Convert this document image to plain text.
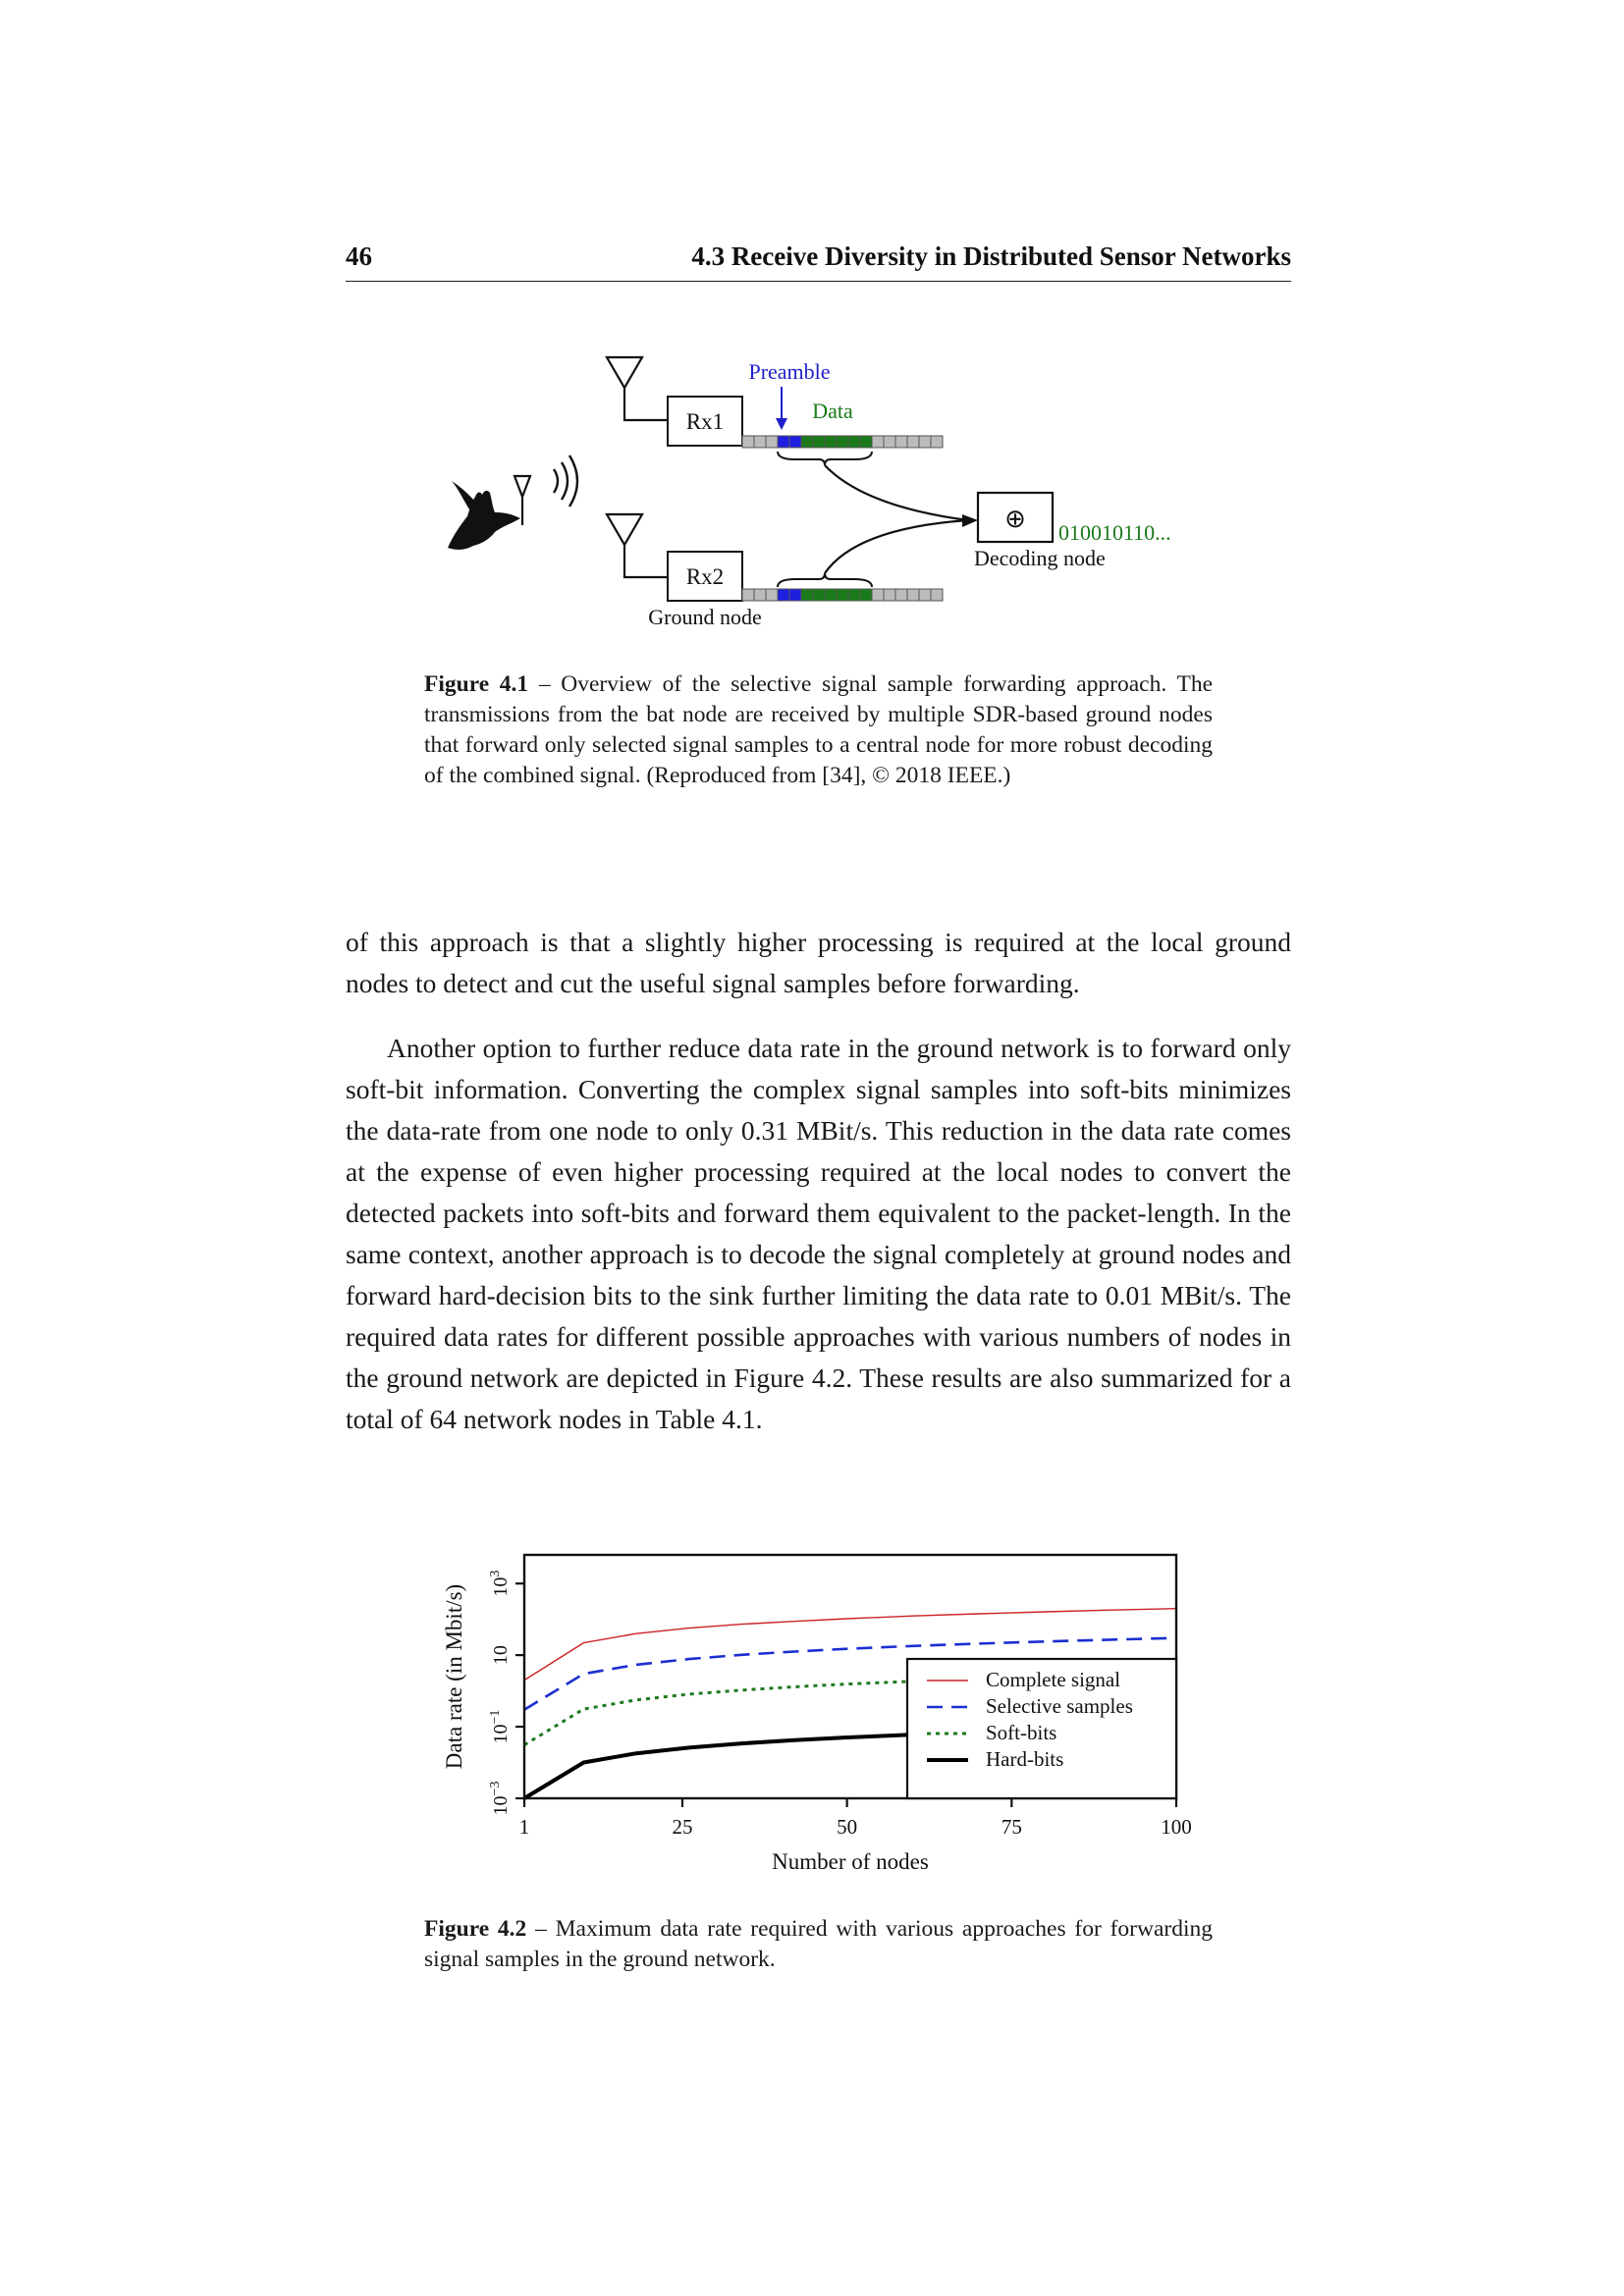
46	4.3 Receive Diversity in Distributed Sensor Networks
Rx1
Preamble
Data
Rx2
Ground node
⊕ 010010110...
Decoding node
Figure 4.1 – Overview of the selective signal sample forwarding approach. The transmissions from the bat node are received by multiple SDR-based ground nodes that forward only selected signal samples to a central node for more robust decoding of the combined signal. (Reproduced from [34], © 2018 IEEE.)

of this approach is that a slightly higher processing is required at the local ground nodes to detect and cut the useful signal samples before forwarding.

Another option to further reduce data rate in the ground network is to forward only soft-bit information. Converting the complex signal samples into soft-bits minimizes the data-rate from one node to only 0.31 MBit/s. This reduction in the data rate comes at the expense of even higher processing required at the local nodes to convert the detected packets into soft-bits and forward them equivalent to the packet-length. In the same context, another approach is to decode the signal completely at ground nodes and forward hard-decision bits to the sink further limiting the data rate to 0.01 MBit/s. The required data rates for different possible approaches with various numbers of nodes in the ground network are depicted in Figure 4.2. These results are also summarized for a total of 64 network nodes in Table 4.1.

1	25	50	75	100
$10^{-3}$
$10^{-1}$
10
$10^3$
Complete signal
Selective samples
Soft-bits
Hard-bits
Number of nodes
Data rate (in Mbit/s)
Figure 4.2 – Maximum data rate required with various approaches for forwarding signal samples in the ground network.
